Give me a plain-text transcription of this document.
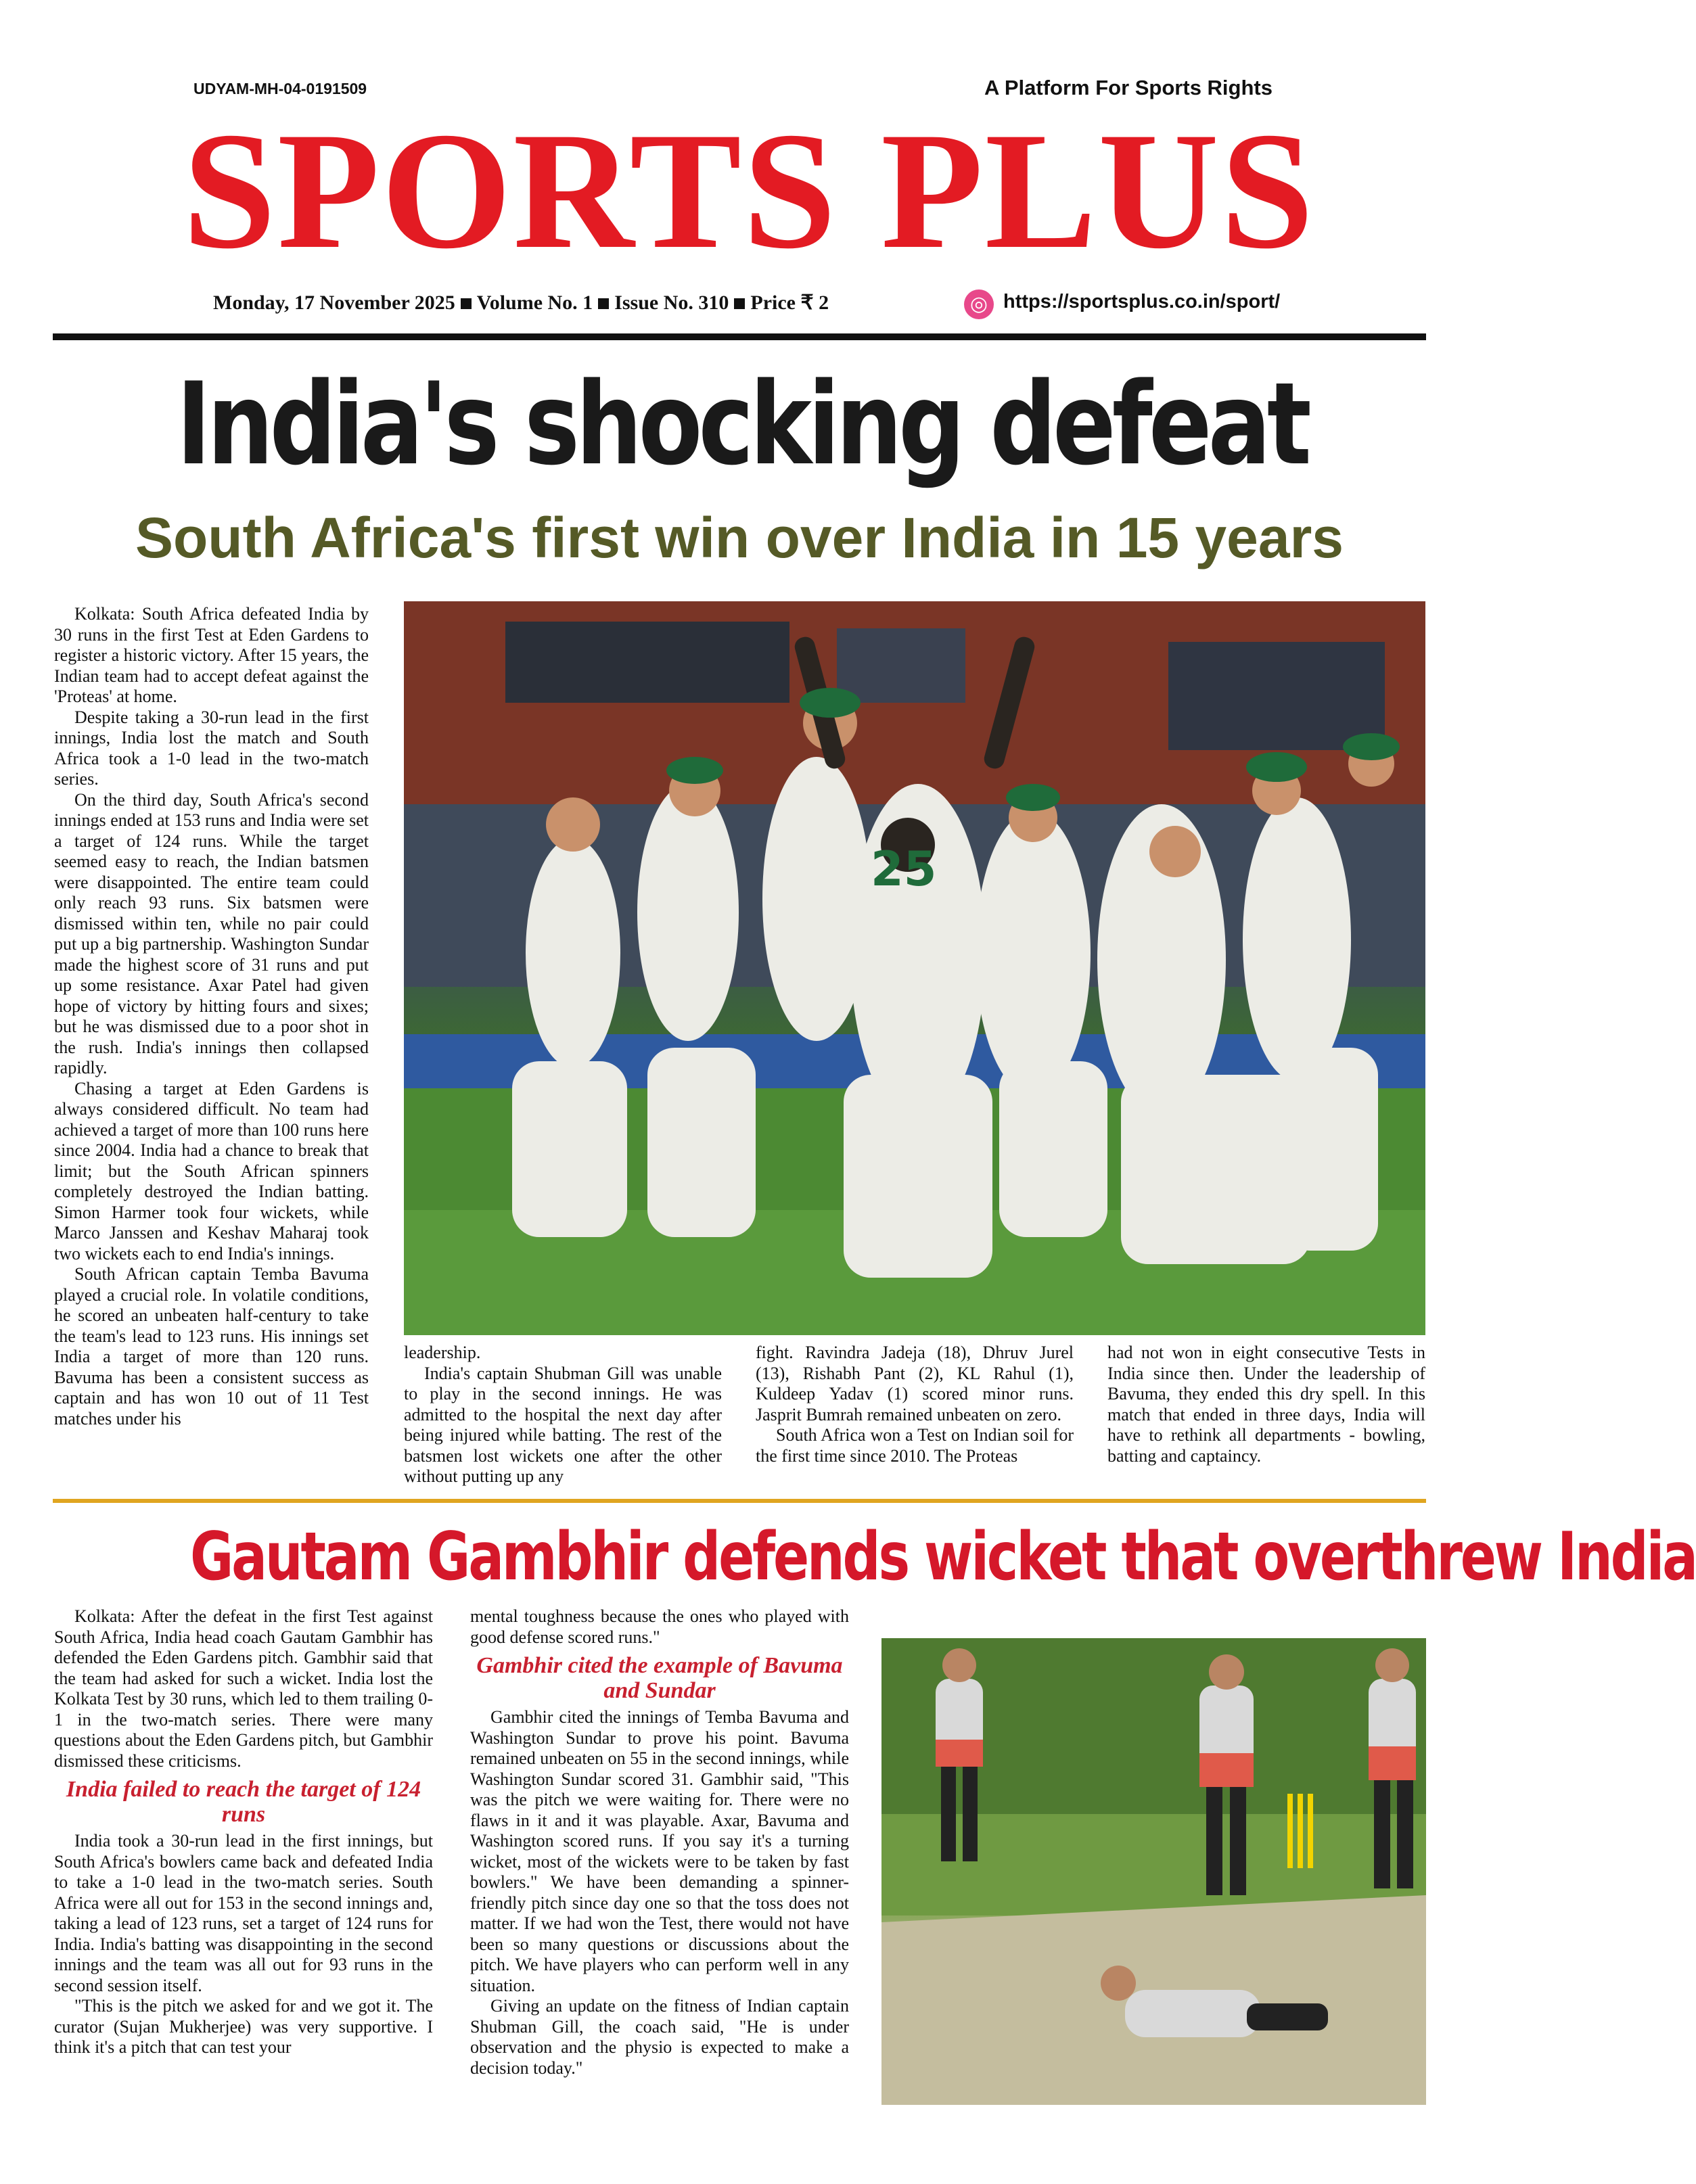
UDYAM-MH-04-0191509	A Platform For Sports Rights
SPORTS PLUS
Monday, 17 November 2025 Volume No. 1 Issue No. 310 Price ₹ 2	◎ https://sportsplus.co.in/sport/
India's shocking defeat
South Africa's first win over India in 15 years

Kolkata: South Africa defeated India by 30 runs in the first Test at Eden Gardens to register a historic victory. After 15 years, the Indian team had to accept defeat against the 'Proteas' at home.

Despite taking a 30-run lead in the first innings, India lost the match and South Africa took a 1-0 lead in the two-match series.

On the third day, South Africa's second innings ended at 153 runs and India were set a target of 124 runs. While the target seemed easy to reach, the Indian batsmen were disappointed. The entire team could only reach 93 runs. Six batsmen were dismissed within ten, while no pair could put up a big partnership. Washington Sundar made the highest score of 31 runs and put up some resistance. Axar Patel had given hope of victory by hitting fours and sixes; but he was dismissed due to a poor shot in the rush. India's innings then collapsed rapidly.

Chasing a target at Eden Gardens is always considered difficult. No team had achieved a target of more than 100 runs here since 2004. India had a chance to break that limit; but the South African spinners completely destroyed the Indian batting. Simon Harmer took four wickets, while Marco Janssen and Keshav Maharaj took two wickets each to end India's innings.

South African captain Temba Bavuma played a crucial role. In volatile conditions, he scored an unbeaten half-century to take the team's lead to 123 runs. His innings set India a target of more than 120 runs. Bavuma has been a consistent success as captain and has won 10 out of 11 Test matches under his

25

leadership.

India's captain Shubman Gill was unable to play in the second innings. He was admitted to the hospital the next day after being injured while batting. The rest of the batsmen lost wickets one after the other without putting up any

fight. Ravindra Jadeja (18), Dhruv Jurel (13), Rishabh Pant (2), KL Rahul (1), Kuldeep Yadav (1) scored minor runs. Jasprit Bumrah remained unbeaten on zero.

South Africa won a Test on Indian soil for the first time since 2010. The Proteas

had not won in eight consecutive Tests in India since then. Under the leadership of Bavuma, they ended this dry spell. In this match that ended in three days, India will have to rethink all departments - bowling, batting and captaincy.

Gautam Gambhir defends wicket that overthrew India

Kolkata: After the defeat in the first Test against South Africa, India head coach Gautam Gambhir has defended the Eden Gardens pitch. Gambhir said that the team had asked for such a wicket. India lost the Kolkata Test by 30 runs, which led to them trailing 0-1 in the two-match series. There were many questions about the Eden Gardens pitch, but Gambhir dismissed these criticisms.

India failed to reach the target of 124 runs

India took a 30-run lead in the first innings, but South Africa's bowlers came back and defeated India to take a 1-0 lead in the two-match series. South Africa were all out for 153 in the second innings and, taking a lead of 123 runs, set a target of 124 runs for India. India's batting was disappointing in the second innings and the team was all out for 93 runs in the second session itself.

"This is the pitch we asked for and we got it. The curator (Sujan Mukherjee) was very supportive. I think it's a pitch that can test your

mental toughness because the ones who played with good defense scored runs."

Gambhir cited the example of Bavuma and Sundar

Gambhir cited the innings of Temba Bavuma and Washington Sundar to prove his point. Bavuma remained unbeaten on 55 in the second innings, while Washington Sundar scored 31. Gambhir said, "This was the pitch we were waiting for. There were no flaws in it and it was playable. Axar, Bavuma and Washington scored runs. If you say it's a turning wicket, most of the wickets were to be taken by fast bowlers." We have been demanding a spinner-friendly pitch since day one so that the toss does not matter. If we had won the Test, there would not have been so many questions or discussions about the pitch. We have players who can perform well in any situation.

Giving an update on the fitness of Indian captain Shubman Gill, the coach said, "He is under observation and the physio is expected to make a decision today."
